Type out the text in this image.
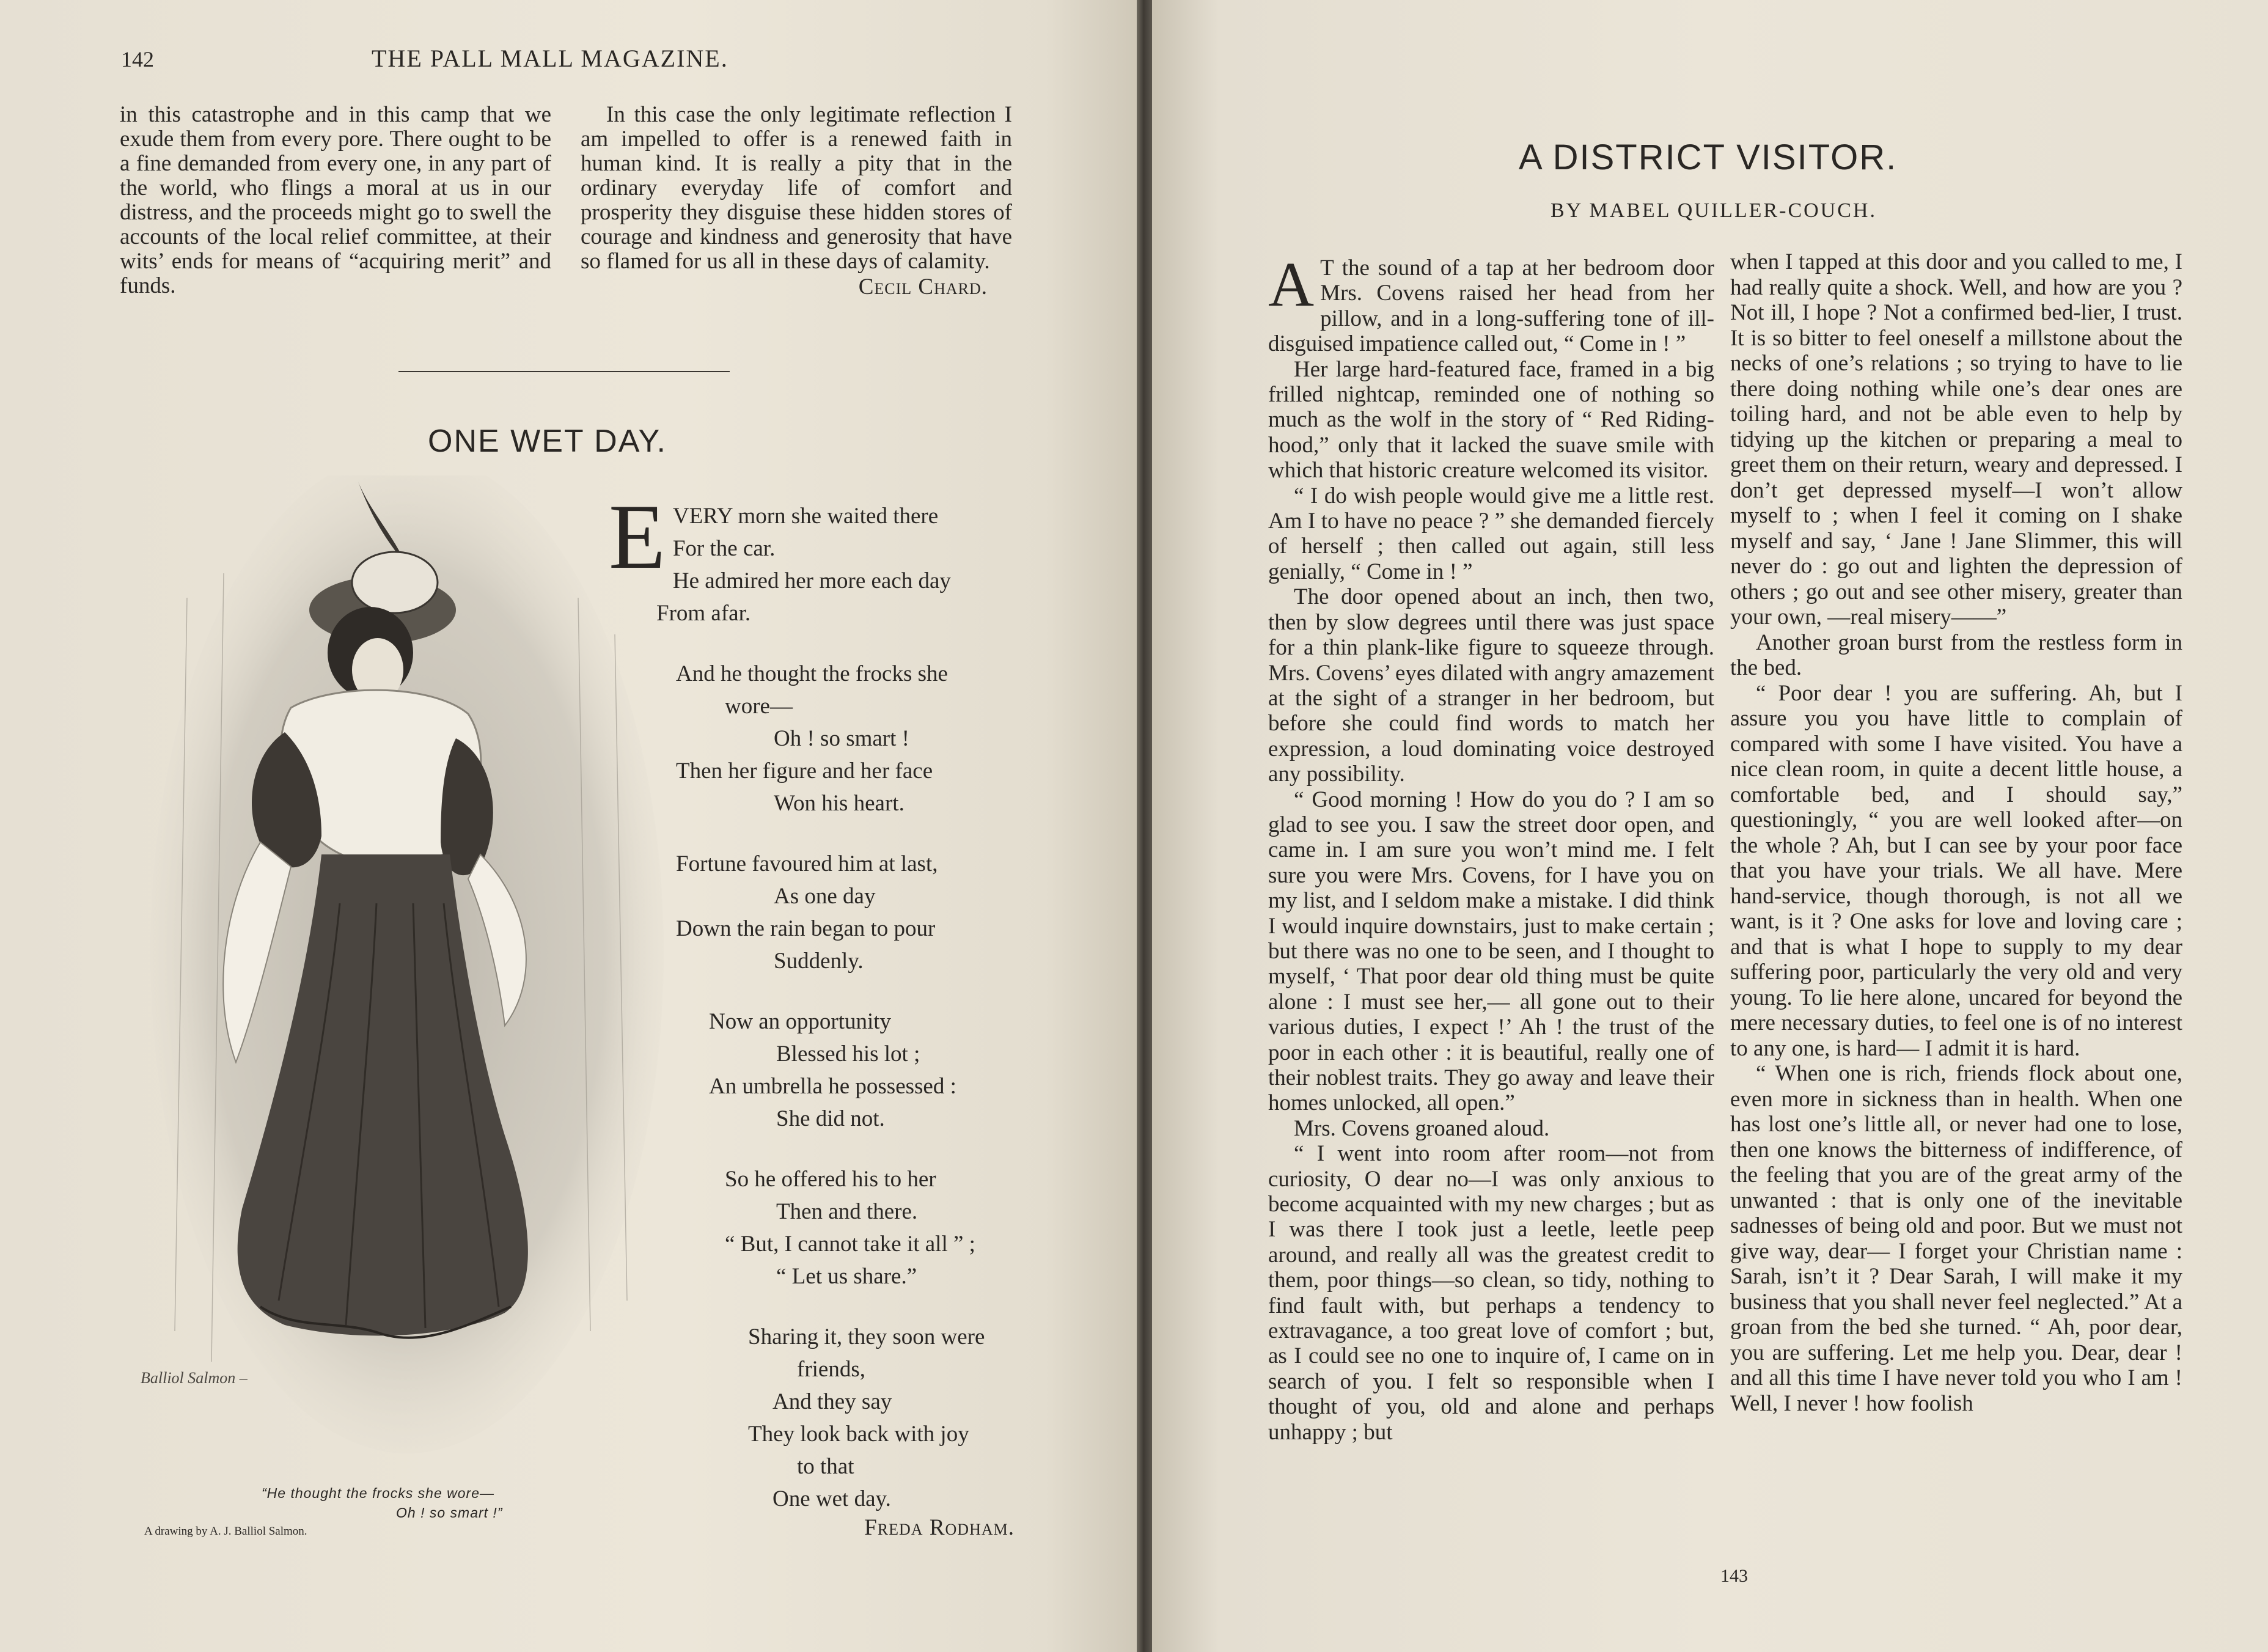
142	THE PALL MALL MAGAZINE.

in this catastrophe and in this camp that we exude them from every pore. There ought to be a fine demanded from every one, in any part of the world, who flings a moral at us in our distress, and the proceeds might go to swell the accounts of the local relief committee, at their wits’ ends for means of “acquiring merit” and funds.

In this case the only legitimate reflection I am impelled to offer is a renewed faith in human kind. It is really a pity that in the ordinary everyday life of comfort and prosperity they disguise these hidden stores of courage and kindness and generosity that have so flamed for us all in these days of calamity.

Cecil Chard.
ONE WET DAY.
Balliol Salmon –
“He thought the frocks she wore—
Oh ! so smart !”
A drawing by A. J. Balliol Salmon.
E VERY morn she waited there
For the car.
He admired her more each day
From afar.
And he thought the frocks she
wore—
Oh ! so smart !
Then her figure and her face
Won his heart.
Fortune favoured him at last,
As one day
Down the rain began to pour
Suddenly.
Now an opportunity
Blessed his lot ;
An umbrella he possessed :
She did not.
So he offered his to her
Then and there.
“ But, I cannot take it all ” ;
“ Let us share.”
Sharing it, they soon were
friends,
And they say
They look back with joy
to that
One wet day.
Freda Rodham.
A DISTRICT VISITOR.
BY MABEL QUILLER-COUCH.
A T the sound of a tap at her bedroom door Mrs. Covens raised her head from her pillow, and in a long-suffering tone of ill-disguised impatience called out, “ Come in ! ”

Her large hard-featured face, framed in a big frilled nightcap, reminded one of nothing so much as the wolf in the story of “ Red Riding-hood,” only that it lacked the suave smile with which that historic creature welcomed its visitor.

“ I do wish people would give me a little rest. Am I to have no peace ? ” she demanded fiercely of herself ; then called out again, still less genially, “ Come in ! ”

The door opened about an inch, then two, then by slow degrees until there was just space for a thin plank-like figure to squeeze through. Mrs. Covens’ eyes dilated with angry amazement at the sight of a stranger in her bedroom, but before she could find words to match her expression, a loud dominating voice destroyed any possibility.

“ Good morning ! How do you do ? I am so glad to see you. I saw the street door open, and came in. I am sure you won’t mind me. I felt sure you were Mrs. Covens, for I have you on my list, and I seldom make a mistake. I did think I would inquire downstairs, just to make certain ; but there was no one to be seen, and I thought to myself, ‘ That poor dear old thing must be quite alone : I must see her,— all gone out to their various duties, I expect !’ Ah ! the trust of the poor in each other : it is beautiful, really one of their noblest traits. They go away and leave their homes unlocked, all open.”

Mrs. Covens groaned aloud.

“ I went into room after room—not from curiosity, O dear no—I was only anxious to become acquainted with my new charges ; but as I was there I took just a leetle, leetle peep around, and really all was the greatest credit to them, poor things—so clean, so tidy, nothing to find fault with, but perhaps a tendency to extravagance, a too great love of comfort ; but, as I could see no one to inquire of, I came on in search of you. I felt so responsible when I thought of you, old and alone and perhaps unhappy ; but

when I tapped at this door and you called to me, I had really quite a shock. Well, and how are you ? Not ill, I hope ? Not a confirmed bed-lier, I trust. It is so bitter to feel oneself a millstone about the necks of one’s relations ; so trying to have to lie there doing nothing while one’s dear ones are toiling hard, and not be able even to help by tidying up the kitchen or preparing a meal to greet them on their return, weary and depressed. I don’t get depressed myself—I won’t allow myself to ; when I feel it coming on I shake myself and say, ‘ Jane ! Jane Slimmer, this will never do : go out and lighten the depression of others ; go out and see other misery, greater than your own, —real misery——”

Another groan burst from the restless form in the bed.

“ Poor dear ! you are suffering. Ah, but I assure you you have little to complain of compared with some I have visited. You have a nice clean room, in quite a decent little house, a comfortable bed, and I should say,” questioningly, “ you are well looked after—on the whole ? Ah, but I can see by your poor face that you have your trials. We all have. Mere hand-service, though thorough, is not all we want, is it ? One asks for love and loving care ; and that is what I hope to supply to my dear suffering poor, particularly the very old and very young. To lie here alone, uncared for beyond the mere necessary duties, to feel one is of no interest to any one, is hard— I admit it is hard.

“ When one is rich, friends flock about one, even more in sickness than in health. When one has lost one’s little all, or never had one to lose, then one knows the bitterness of indifference, of the feeling that you are of the great army of the unwanted : that is only one of the inevitable sadnesses of being old and poor. But we must not give way, dear— I forget your Christian name : Sarah, isn’t it ? Dear Sarah, I will make it my business that you shall never feel neglected.” At a groan from the bed she turned. “ Ah, poor dear, you are suffering. Let me help you. Dear, dear ! and all this time I have never told you who I am ! Well, I never ! how foolish

143
